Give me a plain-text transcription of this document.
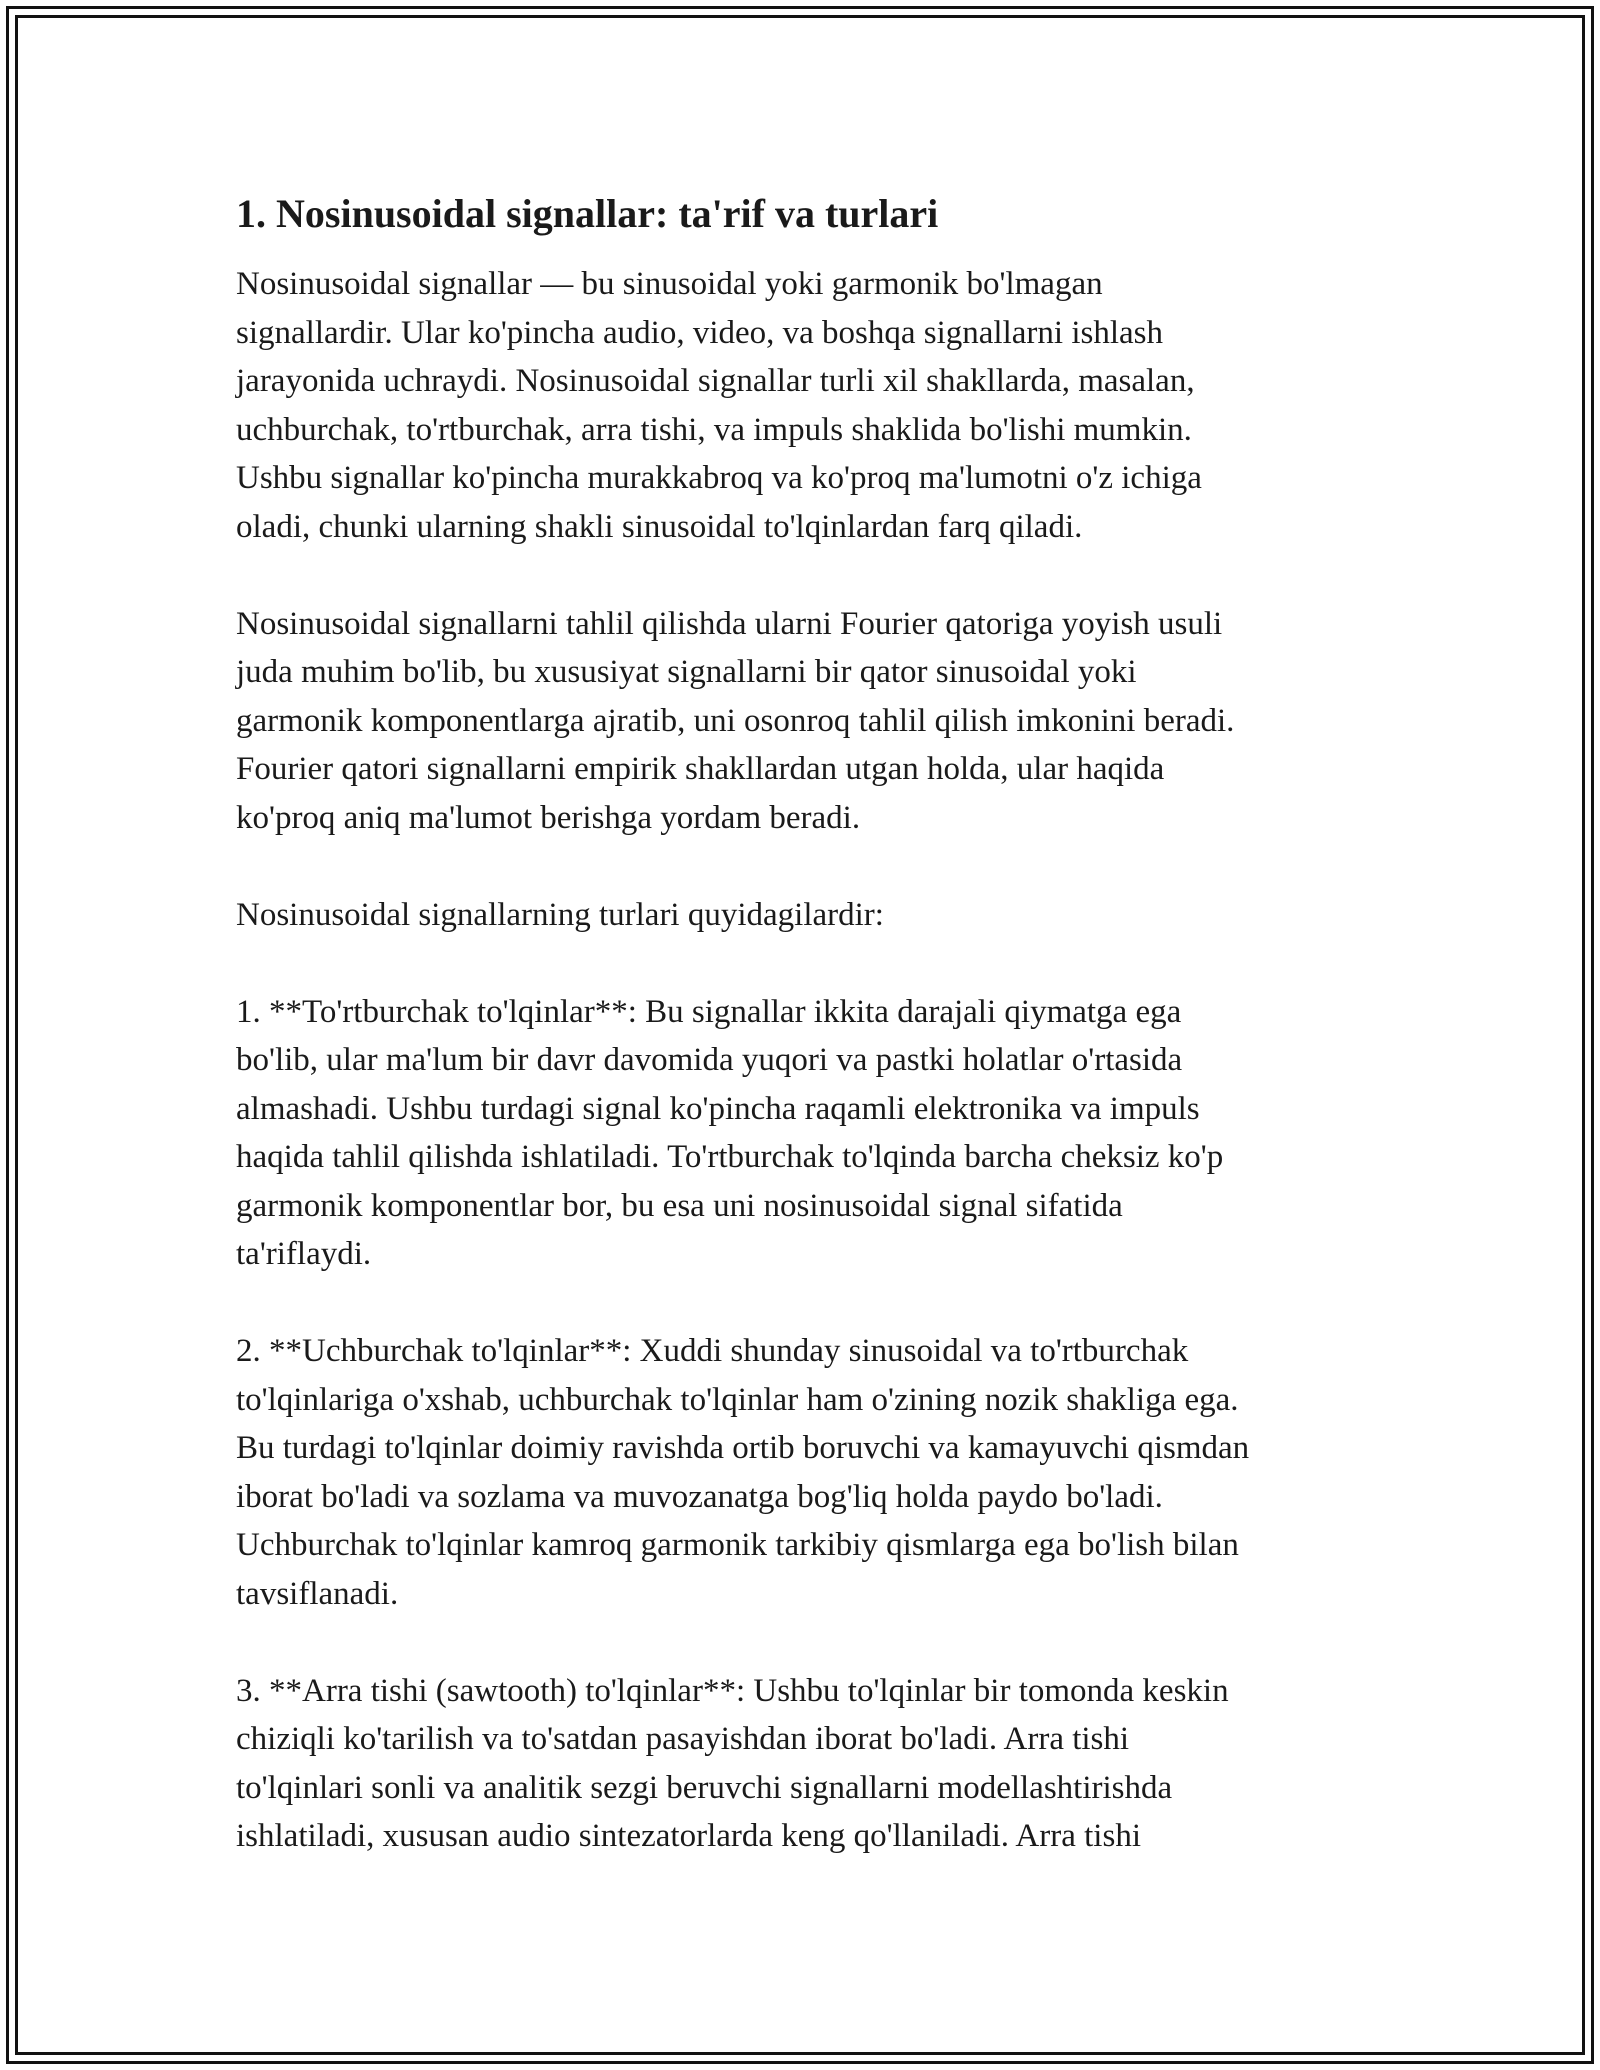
1. Nosinusoidal signallar: ta'rif va turlari

Nosinusoidal signallar — bu sinusoidal yoki garmonik bo'lmagan
signallardir. Ular ko'pincha audio, video, va boshqa signallarni ishlash
jarayonida uchraydi. Nosinusoidal signallar turli xil shakllarda, masalan,
uchburchak, to'rtburchak, arra tishi, va impuls shaklida bo'lishi mumkin.
Ushbu signallar ko'pincha murakkabroq va ko'proq ma'lumotni o'z ichiga
oladi, chunki ularning shakli sinusoidal to'lqinlardan farq qiladi.

Nosinusoidal signallarni tahlil qilishda ularni Fourier qatoriga yoyish usuli
juda muhim bo'lib, bu xususiyat signallarni bir qator sinusoidal yoki
garmonik komponentlarga ajratib, uni osonroq tahlil qilish imkonini beradi.
Fourier qatori signallarni empirik shakllardan utgan holda, ular haqida
ko'proq aniq ma'lumot berishga yordam beradi.

Nosinusoidal signallarning turlari quyidagilardir:

1. **To'rtburchak to'lqinlar**: Bu signallar ikkita darajali qiymatga ega
bo'lib, ular ma'lum bir davr davomida yuqori va pastki holatlar o'rtasida
almashadi. Ushbu turdagi signal ko'pincha raqamli elektronika va impuls
haqida tahlil qilishda ishlatiladi. To'rtburchak to'lqinda barcha cheksiz ko'p
garmonik komponentlar bor, bu esa uni nosinusoidal signal sifatida
ta'riflaydi.

2. **Uchburchak to'lqinlar**: Xuddi shunday sinusoidal va to'rtburchak
to'lqinlariga o'xshab, uchburchak to'lqinlar ham o'zining nozik shakliga ega.
Bu turdagi to'lqinlar doimiy ravishda ortib boruvchi va kamayuvchi qismdan
iborat bo'ladi va sozlama va muvozanatga bog'liq holda paydo bo'ladi.
Uchburchak to'lqinlar kamroq garmonik tarkibiy qismlarga ega bo'lish bilan
tavsiflanadi.

3. **Arra tishi (sawtooth) to'lqinlar**: Ushbu to'lqinlar bir tomonda keskin
chiziqli ko'tarilish va to'satdan pasayishdan iborat bo'ladi. Arra tishi
to'lqinlari sonli va analitik sezgi beruvchi signallarni modellashtirishda
ishlatiladi, xususan audio sintezatorlarda keng qo'llaniladi. Arra tishi
